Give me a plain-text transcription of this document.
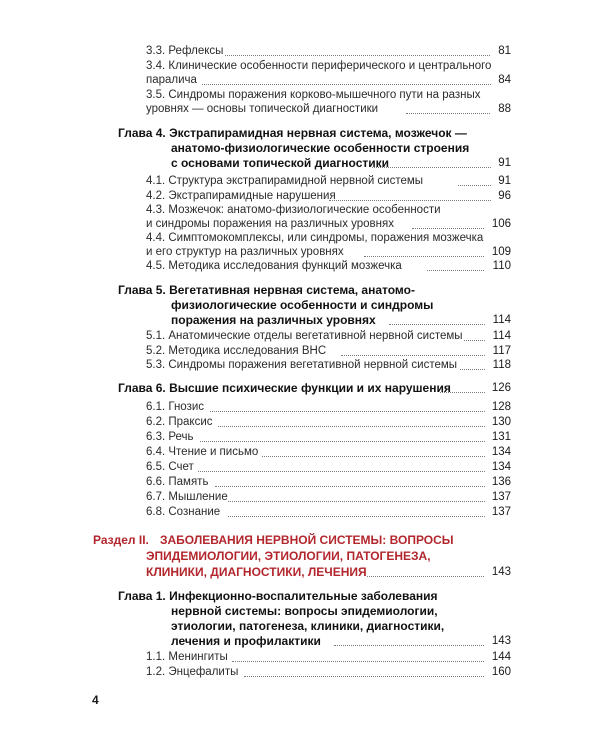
3.3. Рефлексы	81
3.4. Клинические особенности периферического и центрального
паралича	84
3.5. Синдромы поражения корково-мышечного пути на разных
уровнях — основы топической диагностики	88
Глава 4. Экстрапирамидная нервная система, мозжечок —
анатомо-физиологические особенности строения
с основами топической диагностики	91
4.1. Структура экстрапирамидной нервной системы	91
4.2. Экстрапирамидные нарушения	96
4.3. Мозжечок: анатомо-физиологические особенности
и синдромы поражения на различных уровнях	106
4.4. Симптомокомплексы, или синдромы, поражения мозжечка
и его структур на различных уровнях	109
4.5. Методика исследования функций мозжечка	110
Глава 5. Вегетативная нервная система, анатомо-
физиологические особенности и синдромы
поражения на различных уровнях	114
5.1. Анатомические отделы вегетативной нервной системы	114
5.2. Методика исследования ВНС	117
5.3. Синдромы поражения вегетативной нервной системы	118
Глава 6. Высшие психические функции и их нарушения	126
6.1. Гнозис	128
6.2. Праксис	130
6.3. Речь	131
6.4. Чтение и письмо	134
6.5. Счет	134
6.6. Память	136
6.7. Мышление	137
6.8. Сознание	137
Раздел II. ЗАБОЛЕВАНИЯ НЕРВНОЙ СИСТЕМЫ: ВОПРОСЫ
ЭПИДЕМИОЛОГИИ, ЭТИОЛОГИИ, ПАТОГЕНЕЗА,
КЛИНИКИ, ДИАГНОСТИКИ, ЛЕЧЕНИЯ	143
Глава 1. Инфекционно-воспалительные заболевания
нервной системы: вопросы эпидемиологии,
этиологии, патогенеза, клиники, диагностики,
лечения и профилактики	143
1.1. Менингиты	144
1.2. Энцефалиты	160
4
